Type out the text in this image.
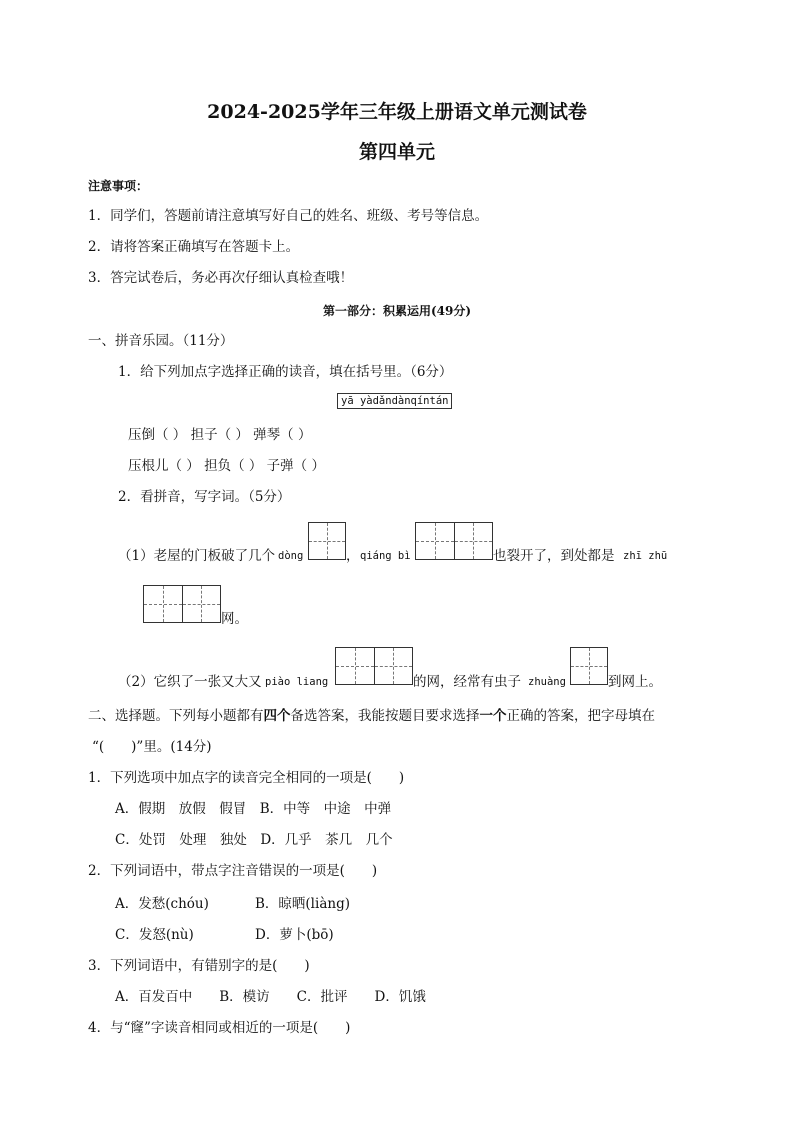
2024-2025学年三年级上册语文单元测试卷
第四单元
注意事项：
1．同学们，答题前请注意填写好自己的姓名、班级、考号等信息。
2．请将答案正确填写在答题卡上。
3．答完试卷后，务必再次仔细认真检查哦！
第一部分：积累运用(49分)
一、拼音乐园。（11分）
1．给下列加点字选择正确的读音，填在括号里。（6分）
yā yàdǎndànqíntán
压倒（ ） 担子（ ） 弹琴（ ）
压根儿（ ） 担负（ ） 子弹（ ）
2．看拼音，写字词。（5分）
（1）老屋的门板破了几个 dòng	， qiáng bì	也裂开了，到处都是 zhī zhū
网。
（2）它织了一张又大又 piào liang	的网，经常有虫子 zhuàng	到网上。
二、选择题。下列每小题都有四个备选答案，我能按题目要求选择一个正确的答案，把字母填在
“(　　)”里。(14分)
1．下列选项中加点字的读音完全相同的一项是(　　)
A．假期　放假　假冒　B．中等　中途　中弹
C．处罚　处理　独处　D．几乎　茶几　几个
2．下列词语中，带点字注音错误的一项是(　　)
A．发愁(chóu)	B．晾晒(liàng)
C．发怒(nù)	D．萝卜(bō)
3．下列词语中，有错别字的是(　　)
A．百发百中　　B．模访　　C．批评　　D．饥饿
4．与“窿”字读音相同或相近的一项是(　　)
